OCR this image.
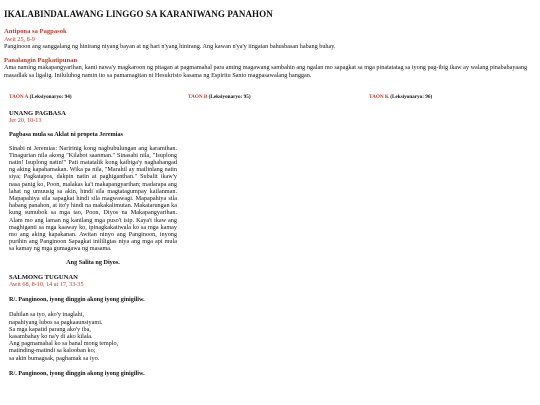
IKALABINDALAWANG LINGGO SA KARANIWANG PANAHON
Antipona sa Pagpasok
Awit 25, 8-9
Panginoon ang sanggalang ng hinirang niyang bayan at ng hari n'yang hinirang. Ang kawan n'ya'y iingatan bahusbasan habang buhay.
Panalangin Pagkatipunan
Ama naming makapangyarihan, kami nawa'y magkaroon ng pitagan at pagmamahal para aming magawang sambahin ang ngalan mo sapagkat sa mga pinatatatag sa iyong pag-ibig ikaw ay walang pinababayaang masadlak sa ligalig. Iniluluhog namin ito sa pamamagitan ni Hesukristo kasama ng Espiritu Santo magpasawalang hanggan.
TAON A (Leksiyonaryo: 94)	TAON B (Leksiyonaryo: 95)	TAON K (Leksiyonaryo: 96)
UNANG PAGBASA
Jer 20, 10-13
Pagbasa mula sa Aklat ni propeta Jeremias
Sinabi ni Jeremias: Naririnig kong nagbubulungan ang karamihan. Tinagurian nila akong "Kilabot saanman." Sinasabi nila, "Isuplong natin! Isuplong natin!" Pati matatalik kong kaibiga'y naghahangad ng aking kapahamakan. Wika pa nila, "Marahil ay mailinlang natin siya; Pagkatapos, dakpin natin at paghiganthan." Subalit ikaw'y nasa panig ko, Poon, malakas ka't makapangyarihan; madarapa ang lahat ng umuusig sa akin, hindi sila magtatagumpay kailanman. Mapapahiya sila sapagkat hindi sila magwawagi. Mapapahiya sila habang panahon, at ito'y hindi na makakalimutan. Makatarungan ka kung sumubok sa mga tao, Poon, Diyos na Makapangyarihan. Alam mo ang laman ng kanilang mga puso't isip. Kaya't ikaw ang maghiganti sa mga kaaway ko, ipinagkakatiwala ko sa mga kamay mo ang aking kapakanan. Awitan ninyo ang Panginoon, inyong purihin ang Panginoon Sapagkat inililigtas niya ang mga api mula sa kamay ng mga gumagawa ng masama.
Ang Salita ng Diyos.
SALMONG TUGUNAN
Awit 68, 8-10, 14 at 17, 33-35
R/. Panginoon, iyong dinggin akong iyong ginigiliw.
Dahilan sa iyo, ako'y inaglahi,
napahiyang lubos sa pagkaaunsiyami.
Sa mga kapatid parang ako'y iba,
kasambahay ko na'y di ako kilala.
Ang pagmamahal ko sa banal mong templo,
matinding-matindi sa kalooban ko;
sa akin bumagsak, paghamak sa iyo.
R/. Panginoon, iyong dinggin akong iyong ginigiliw.
